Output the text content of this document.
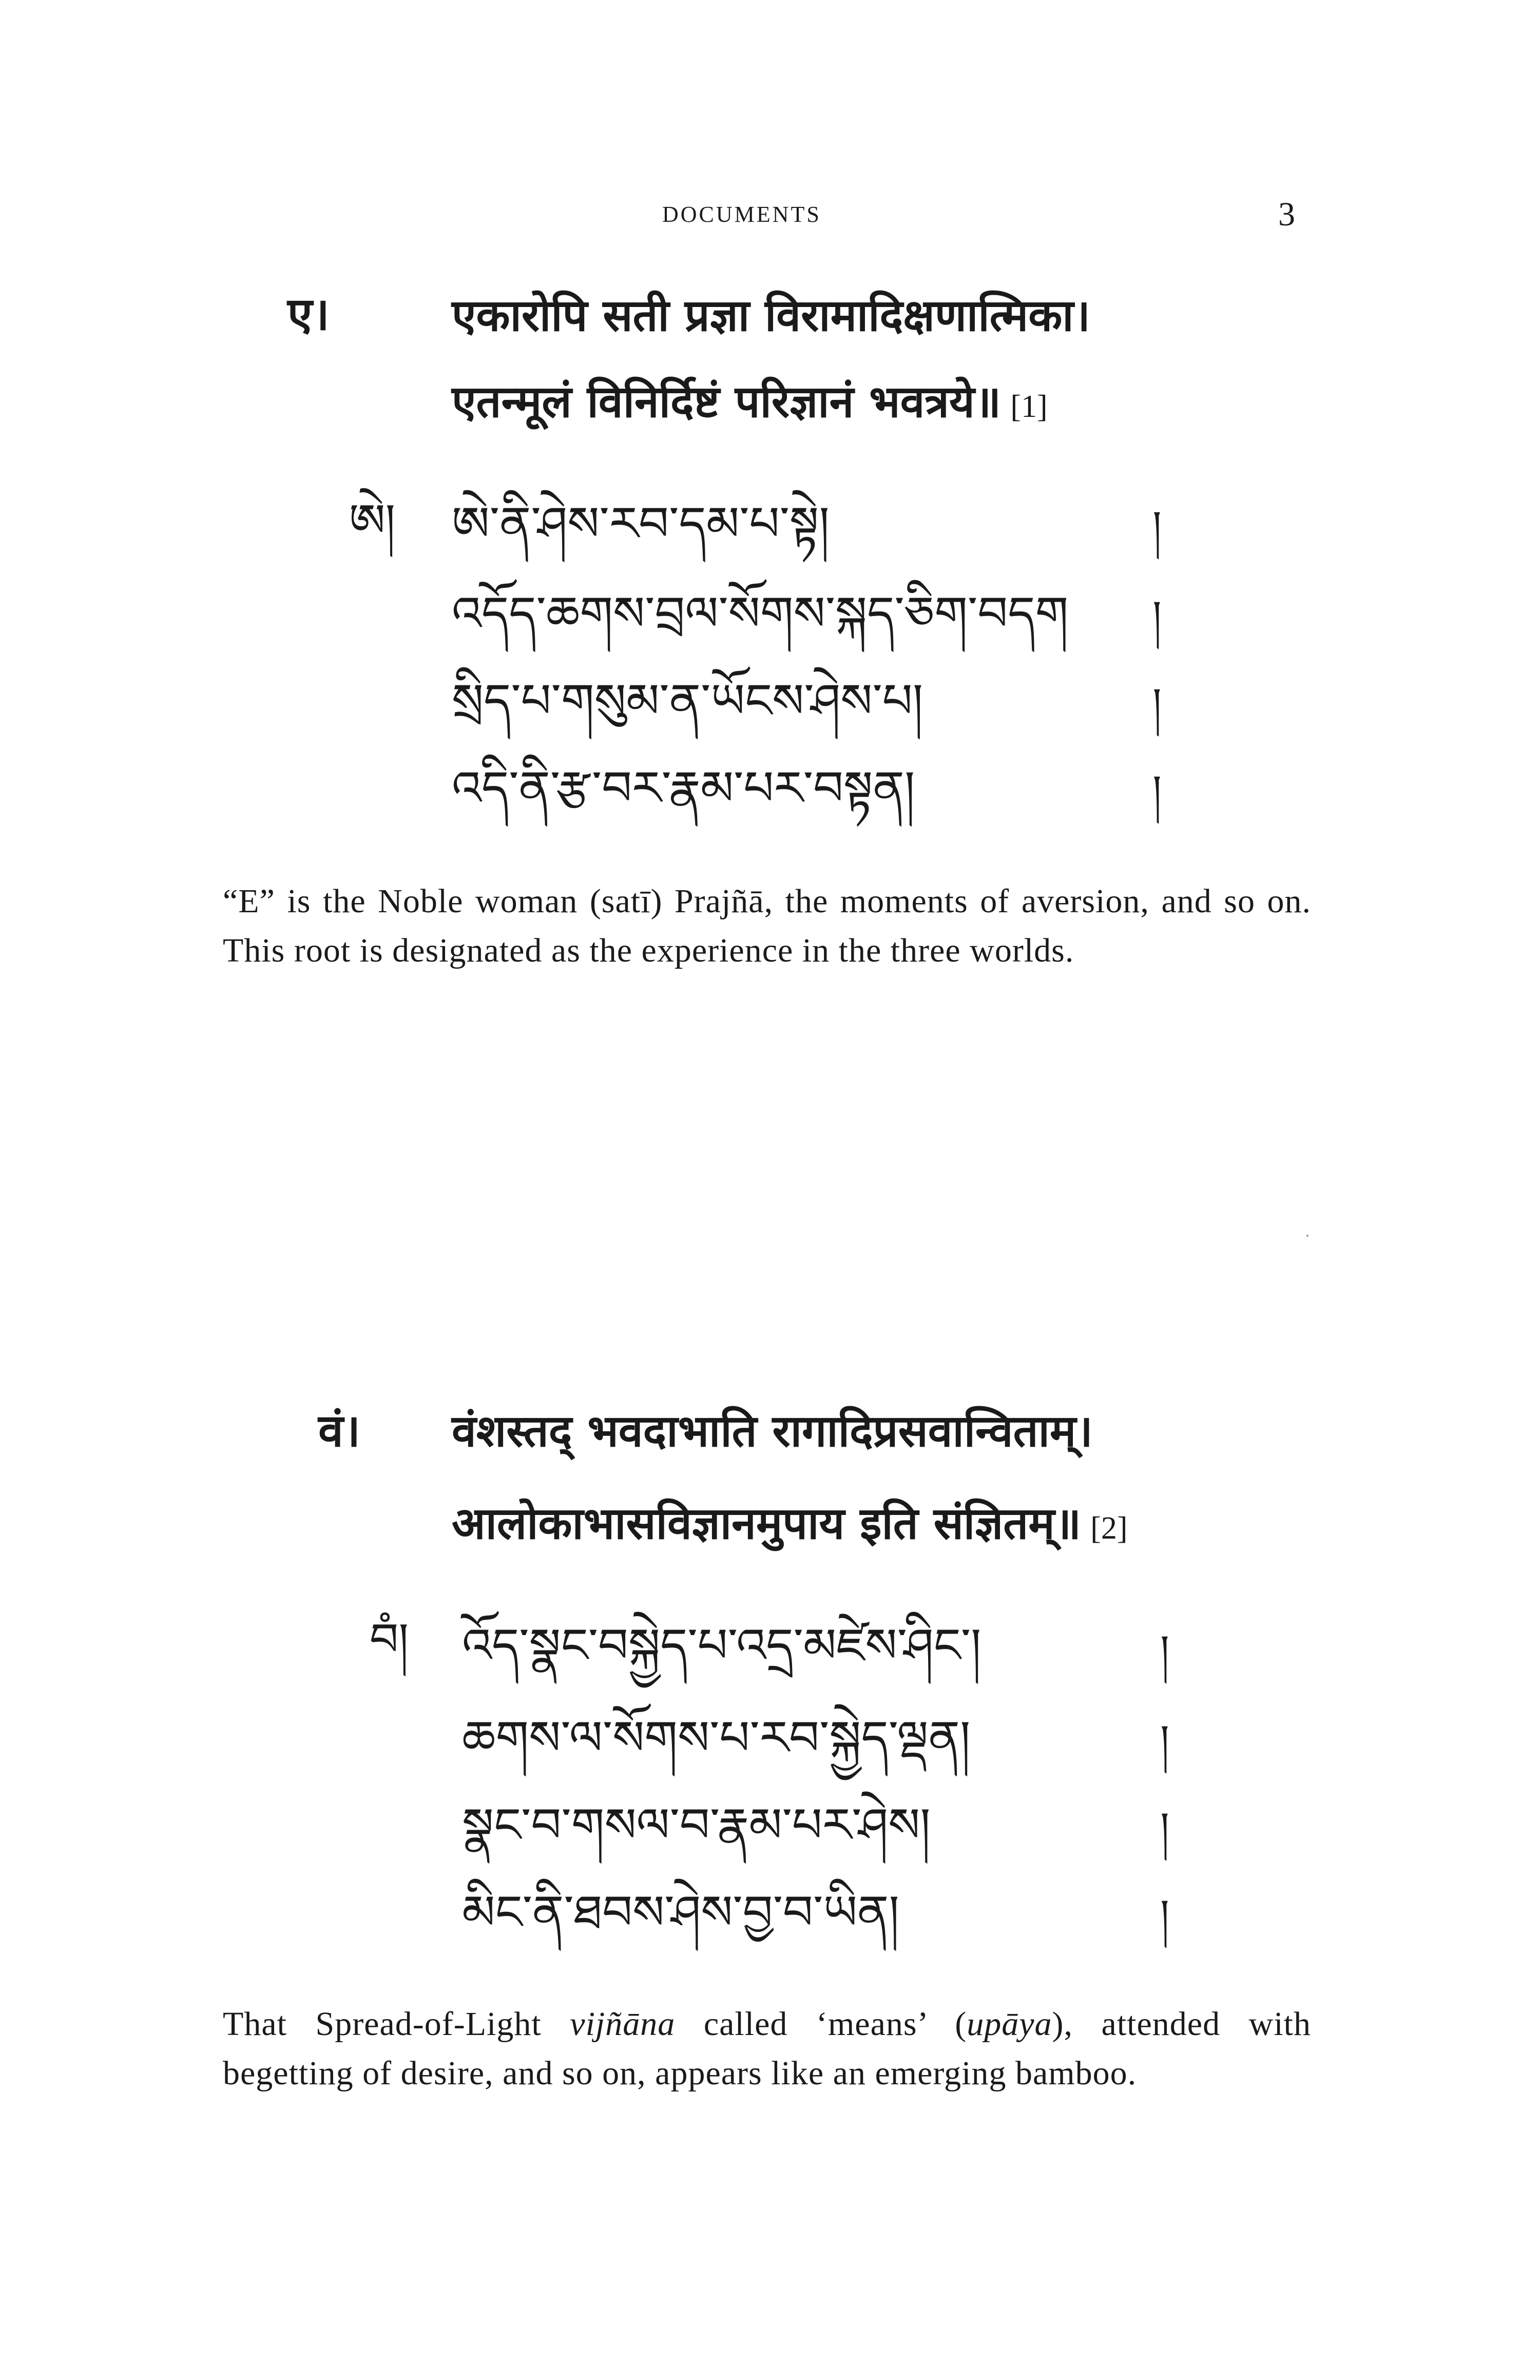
DOCUMENTS	3
ए।	एकारोपि सती प्रज्ञा विरामादिक्षणात्मिका।
एतन्मूलं विनिर्दिष्टं परिज्ञानं भवत्रये॥ [1]
ཨེ། ཨེ་ནི་ཤེས་རབ་དམ་པ་སྟེ།
འདོད་ཆགས་བྲལ་སོགས་སྐད་ཅིག་བདག
སྲིད་པ་གསུམ་ན་ཡོངས་ཤེས་པ།
འདི་ནི་རྩ་བར་རྣམ་པར་བསྟན།
།
།
།
།
“E” is the Noble woman (satī) Prajñā, the moments of aversion, and so on. This root is designated as the experience in the three worlds.
वं। वंशस्तद् भवदाभाति रागादिप्रसवान्विताम्।
आलोकाभासविज्ञानमुपाय इति संज्ञितम्॥ [2]
བཾ། འོད་སྣང་བསྐྱེད་པ་འདྲ་མཛེས་ཤིང་།
ཆགས་ལ་སོགས་པ་རབ་སྐྱེད་ལྡན།
སྣང་བ་གསལ་བ་རྣམ་པར་ཤེས།
མིང་ནི་ཐབས་ཤེས་བྱ་བ་ཡིན།
།
།
།
།
That Spread-of-Light vijñāna called ‘means’ (upāya), attended with begetting of desire, and so on, appears like an emerging bamboo.
